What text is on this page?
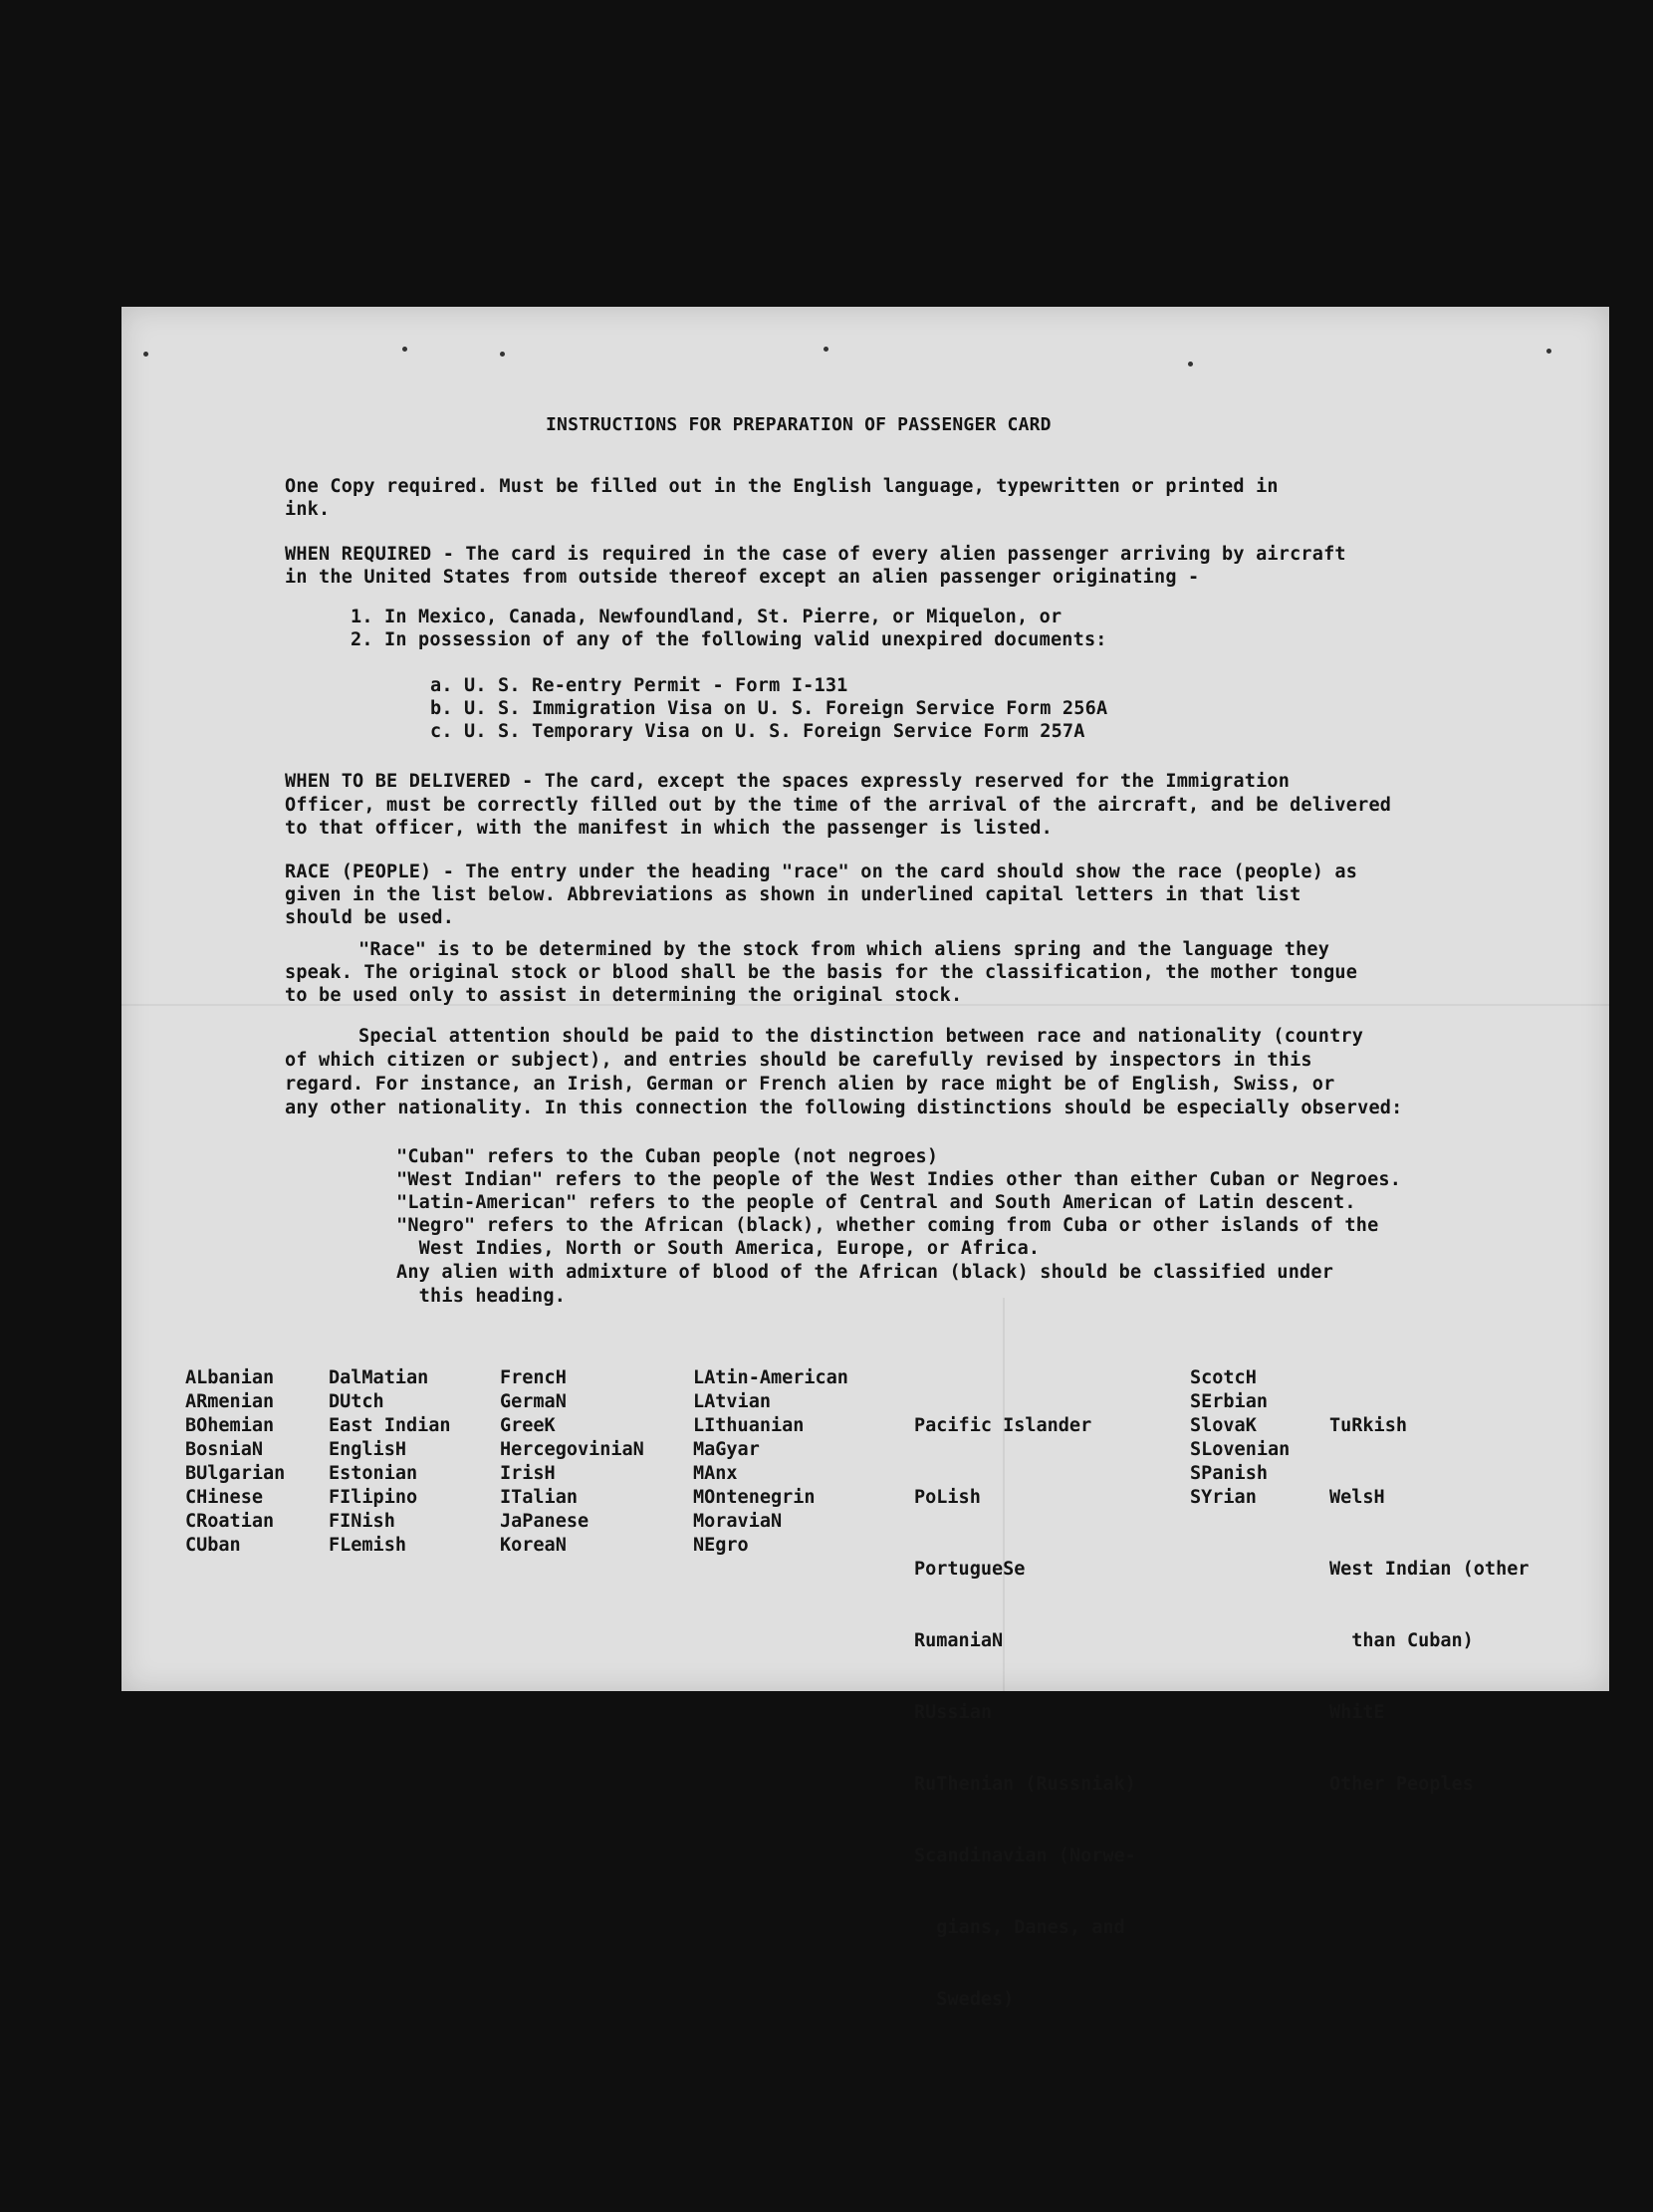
INSTRUCTIONS FOR PREPARATION OF PASSENGER CARD
One Copy required. Must be filled out in the English language, typewritten or printed in
ink.
WHEN REQUIRED - The card is required in the case of every alien passenger arriving by aircraft
in the United States from outside thereof except an alien passenger originating -
1. In Mexico, Canada, Newfoundland, St. Pierre, or Miquelon, or
2. In possession of any of the following valid unexpired documents:
a. U. S. Re-entry Permit - Form I-131
b. U. S. Immigration Visa on U. S. Foreign Service Form 256A
c. U. S. Temporary Visa on U. S. Foreign Service Form 257A
WHEN TO BE DELIVERED - The card, except the spaces expressly reserved for the Immigration
Officer, must be correctly filled out by the time of the arrival of the aircraft, and be delivered
to that officer, with the manifest in which the passenger is listed.
RACE (PEOPLE) - The entry under the heading "race" on the card should show the race (people) as
given in the list below. Abbreviations as shown in underlined capital letters in that list
should be used.
"Race" is to be determined by the stock from which aliens spring and the language they
speak. The original stock or blood shall be the basis for the classification, the mother tongue
to be used only to assist in determining the original stock.
Special attention should be paid to the distinction between race and nationality (country
of which citizen or subject), and entries should be carefully revised by inspectors in this
regard. For instance, an Irish, German or French alien by race might be of English, Swiss, or
any other nationality. In this connection the following distinctions should be especially observed:
"Cuban" refers to the Cuban people (not negroes)
"West Indian" refers to the people of the West Indies other than either Cuban or Negroes.
"Latin-American" refers to the people of Central and South American of Latin descent.
"Negro" refers to the African (black), whether coming from Cuba or other islands of the
West Indies, North or South America, Europe, or Africa.
Any alien with admixture of blood of the African (black) should be classified under
this heading.
ALbanian
ARmenian
BOhemian
BosniaN
BUlgarian
CHinese
CRoatian
CUban
DalMatian
DUtch
East Indian
EnglisH
Estonian
FIlipino
FINish
FLemish
FrencH
GermaN
GreeK
HercegoviniaN
IrisH
ITalian
JaPanese
KoreaN
LAtin-American
LAtvian
LIthuanian
MaGyar
MAnx
MOntenegrin
MoraviaN
NEgro

Pacific Islander

PoLish

PortugueSe

RumaniaN

RUssian

RuThenian (Russniak)

Scandinavian (Norwe-

gians, Danes, and

Swedes)

ScotcH
SErbian
SlovaK
SLovenian
SPanish
SYrian

TuRkish

WelsH

West Indian (other

than Cuban)

WhitE

Other Peoples
